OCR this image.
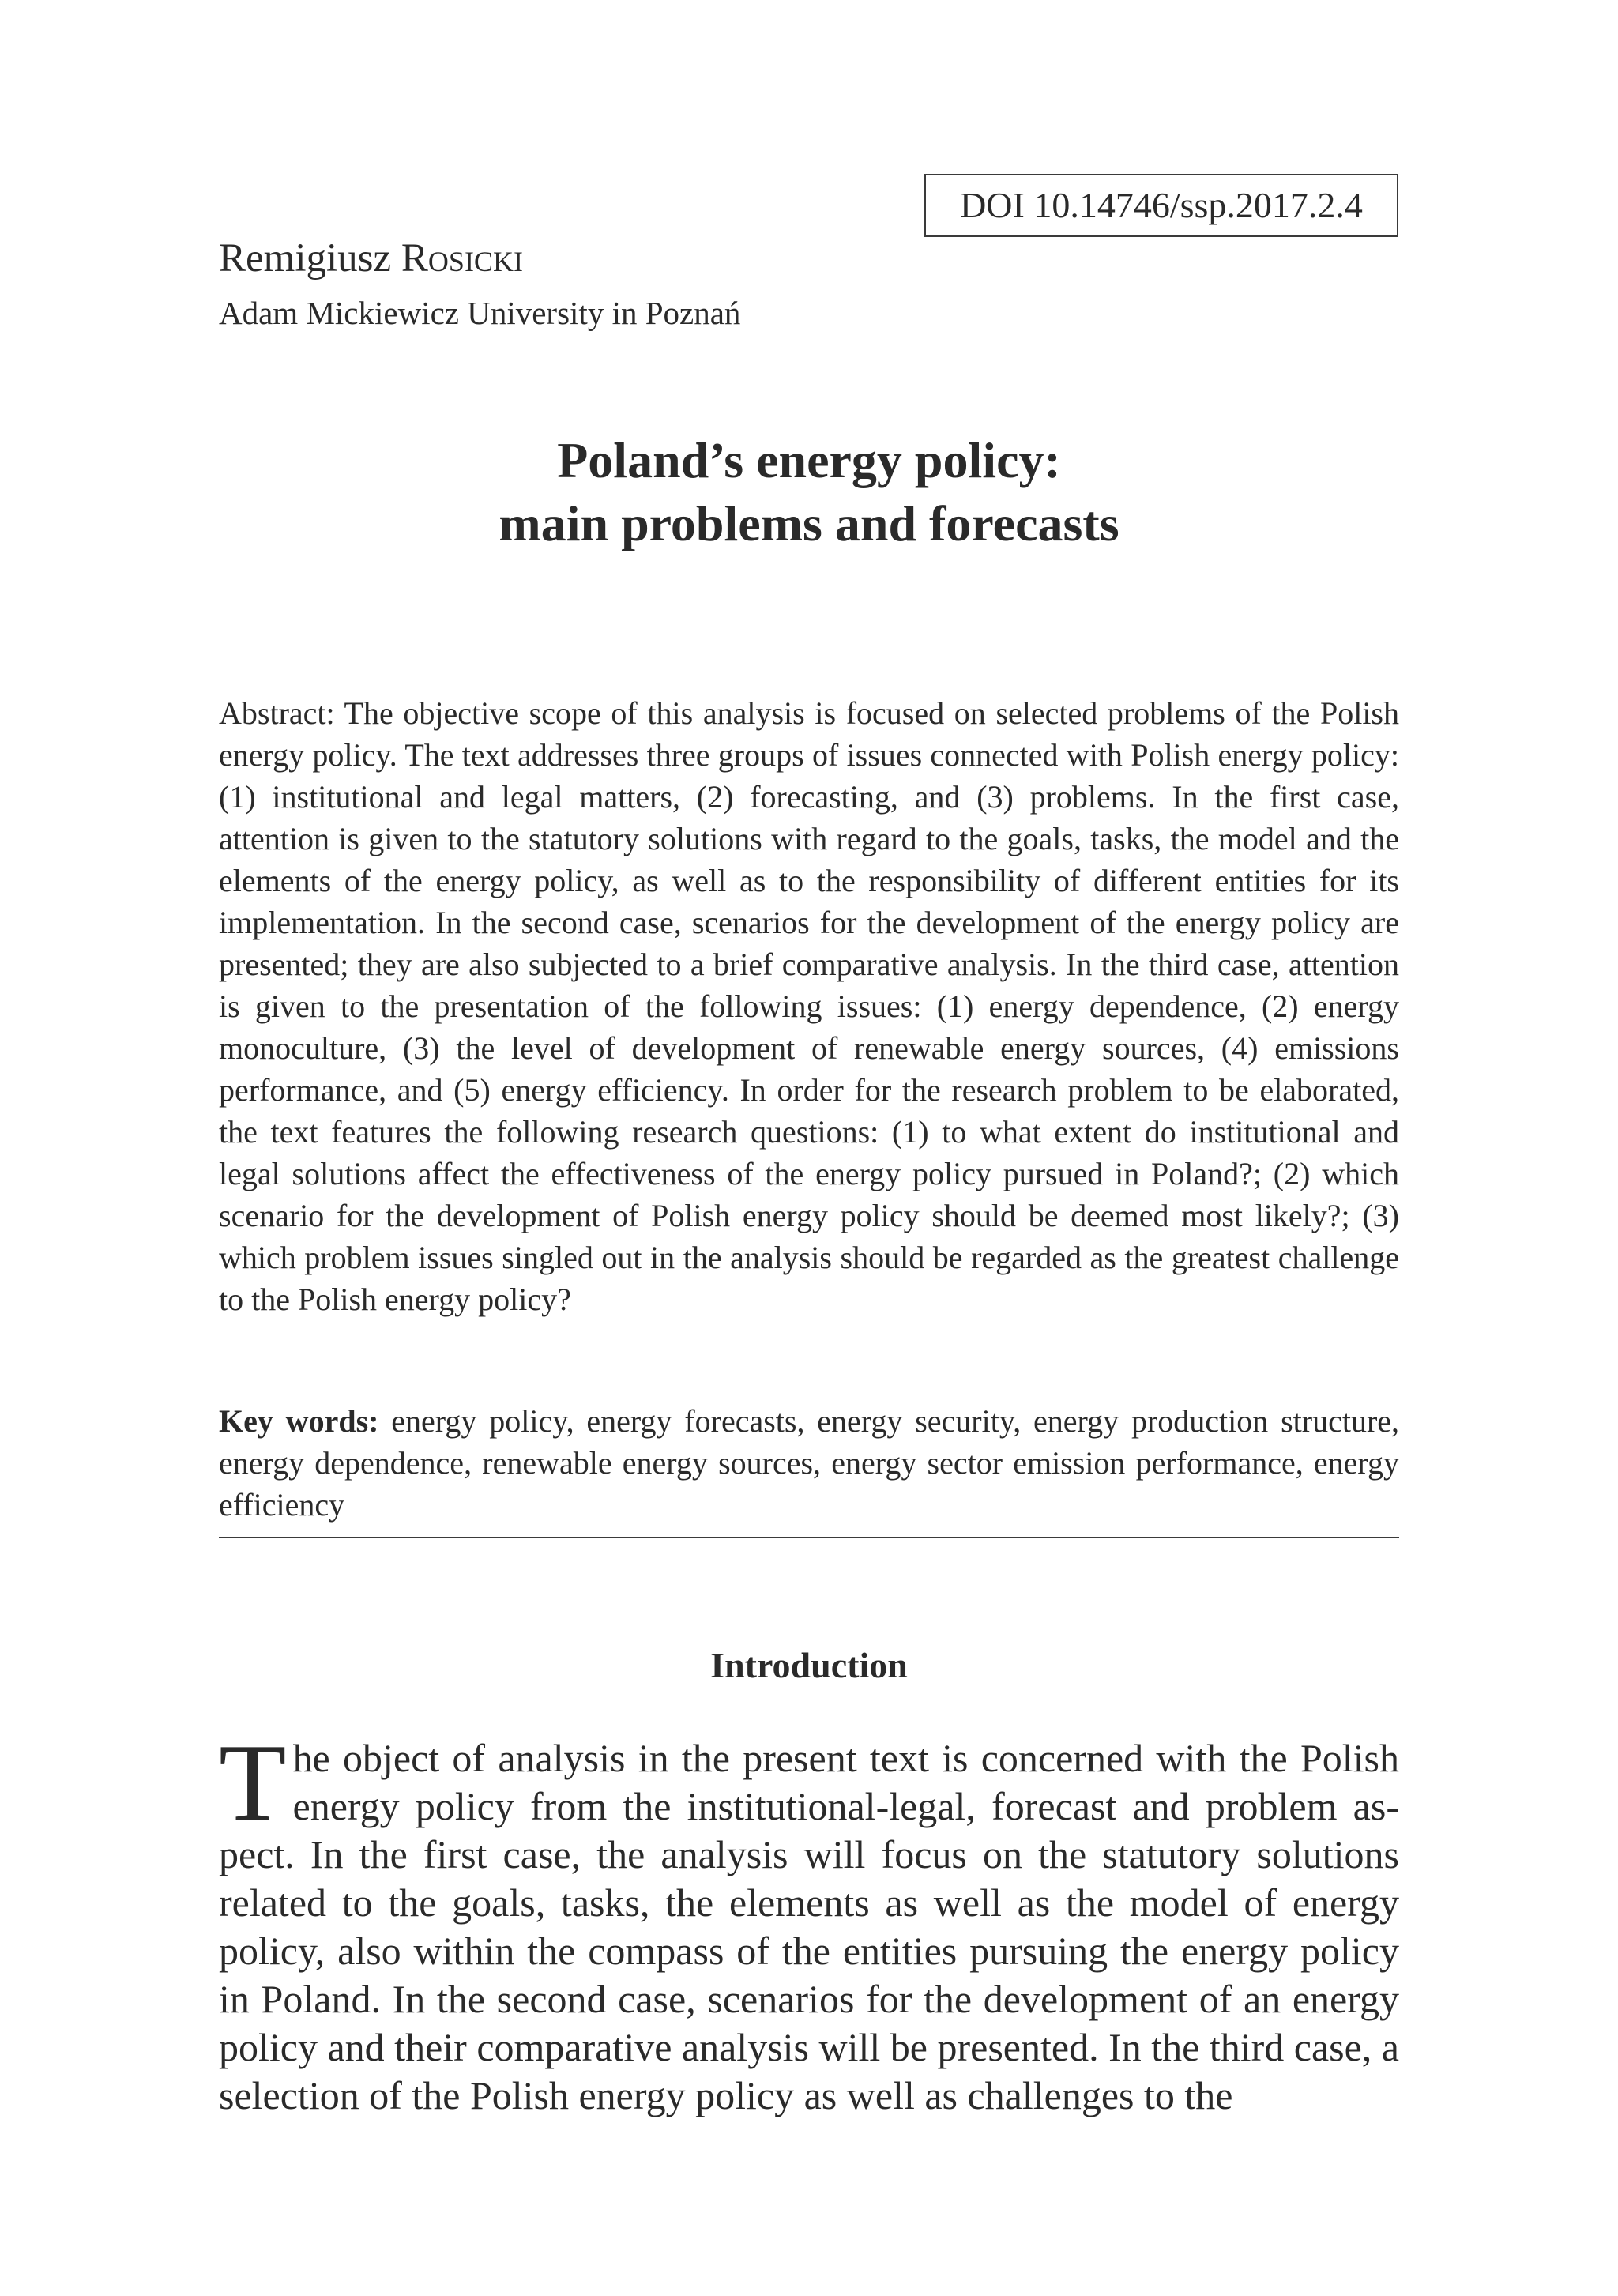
DOI 10.14746/ssp.2017.2.4
Remigiusz Rosicki
Adam Mickiewicz University in Poznań
Poland’s energy policy:
main problems and forecasts

Abstract: The objective scope of this analysis is focused on selected problems of the Polish energy policy. The text addresses three groups of issues connected with Polish energy policy: (1) institutional and legal matters, (2) forecasting, and (3) problems. In the first case, attention is given to the statutory solutions with regard to the goals, tasks, the model and the elements of the energy policy, as well as to the responsibility of different entities for its implementation. In the second case, scenarios for the development of the energy policy are presented; they are also subjected to a brief comparative analysis. In the third case, attention is given to the presentation of the following issues: (1) energy dependence, (2) energy monoculture, (3) the level of development of renewable energy sources, (4) emissions performance, and (5) energy efficiency. In order for the research problem to be elaborated, the text features the following research questions: (1) to what extent do institutional and legal solutions affect the effectiveness of the energy policy pursued in Poland?; (2) which scenario for the development of Polish energy policy should be deemed most likely?; (3) which problem issues singled out in the analysis should be regarded as the greatest challenge to the Polish energy policy?

Key words: energy policy, energy forecasts, energy security, energy production structure, energy dependence, renewable energy sources, energy sector emission performance, energy efficiency

Introduction

The object of analysis in the present text is concerned with the Polish energy policy from the institutional-legal, forecast and problem aspect. In the first case, the analysis will focus on the statutory solutions related to the goals, tasks, the elements as well as the model of energy policy, also within the compass of the entities pursuing the energy policy in Poland. In the second case, scenarios for the development of an energy policy and their comparative analysis will be presented. In the third case, a selection of the Polish energy policy as well as challenges to the
